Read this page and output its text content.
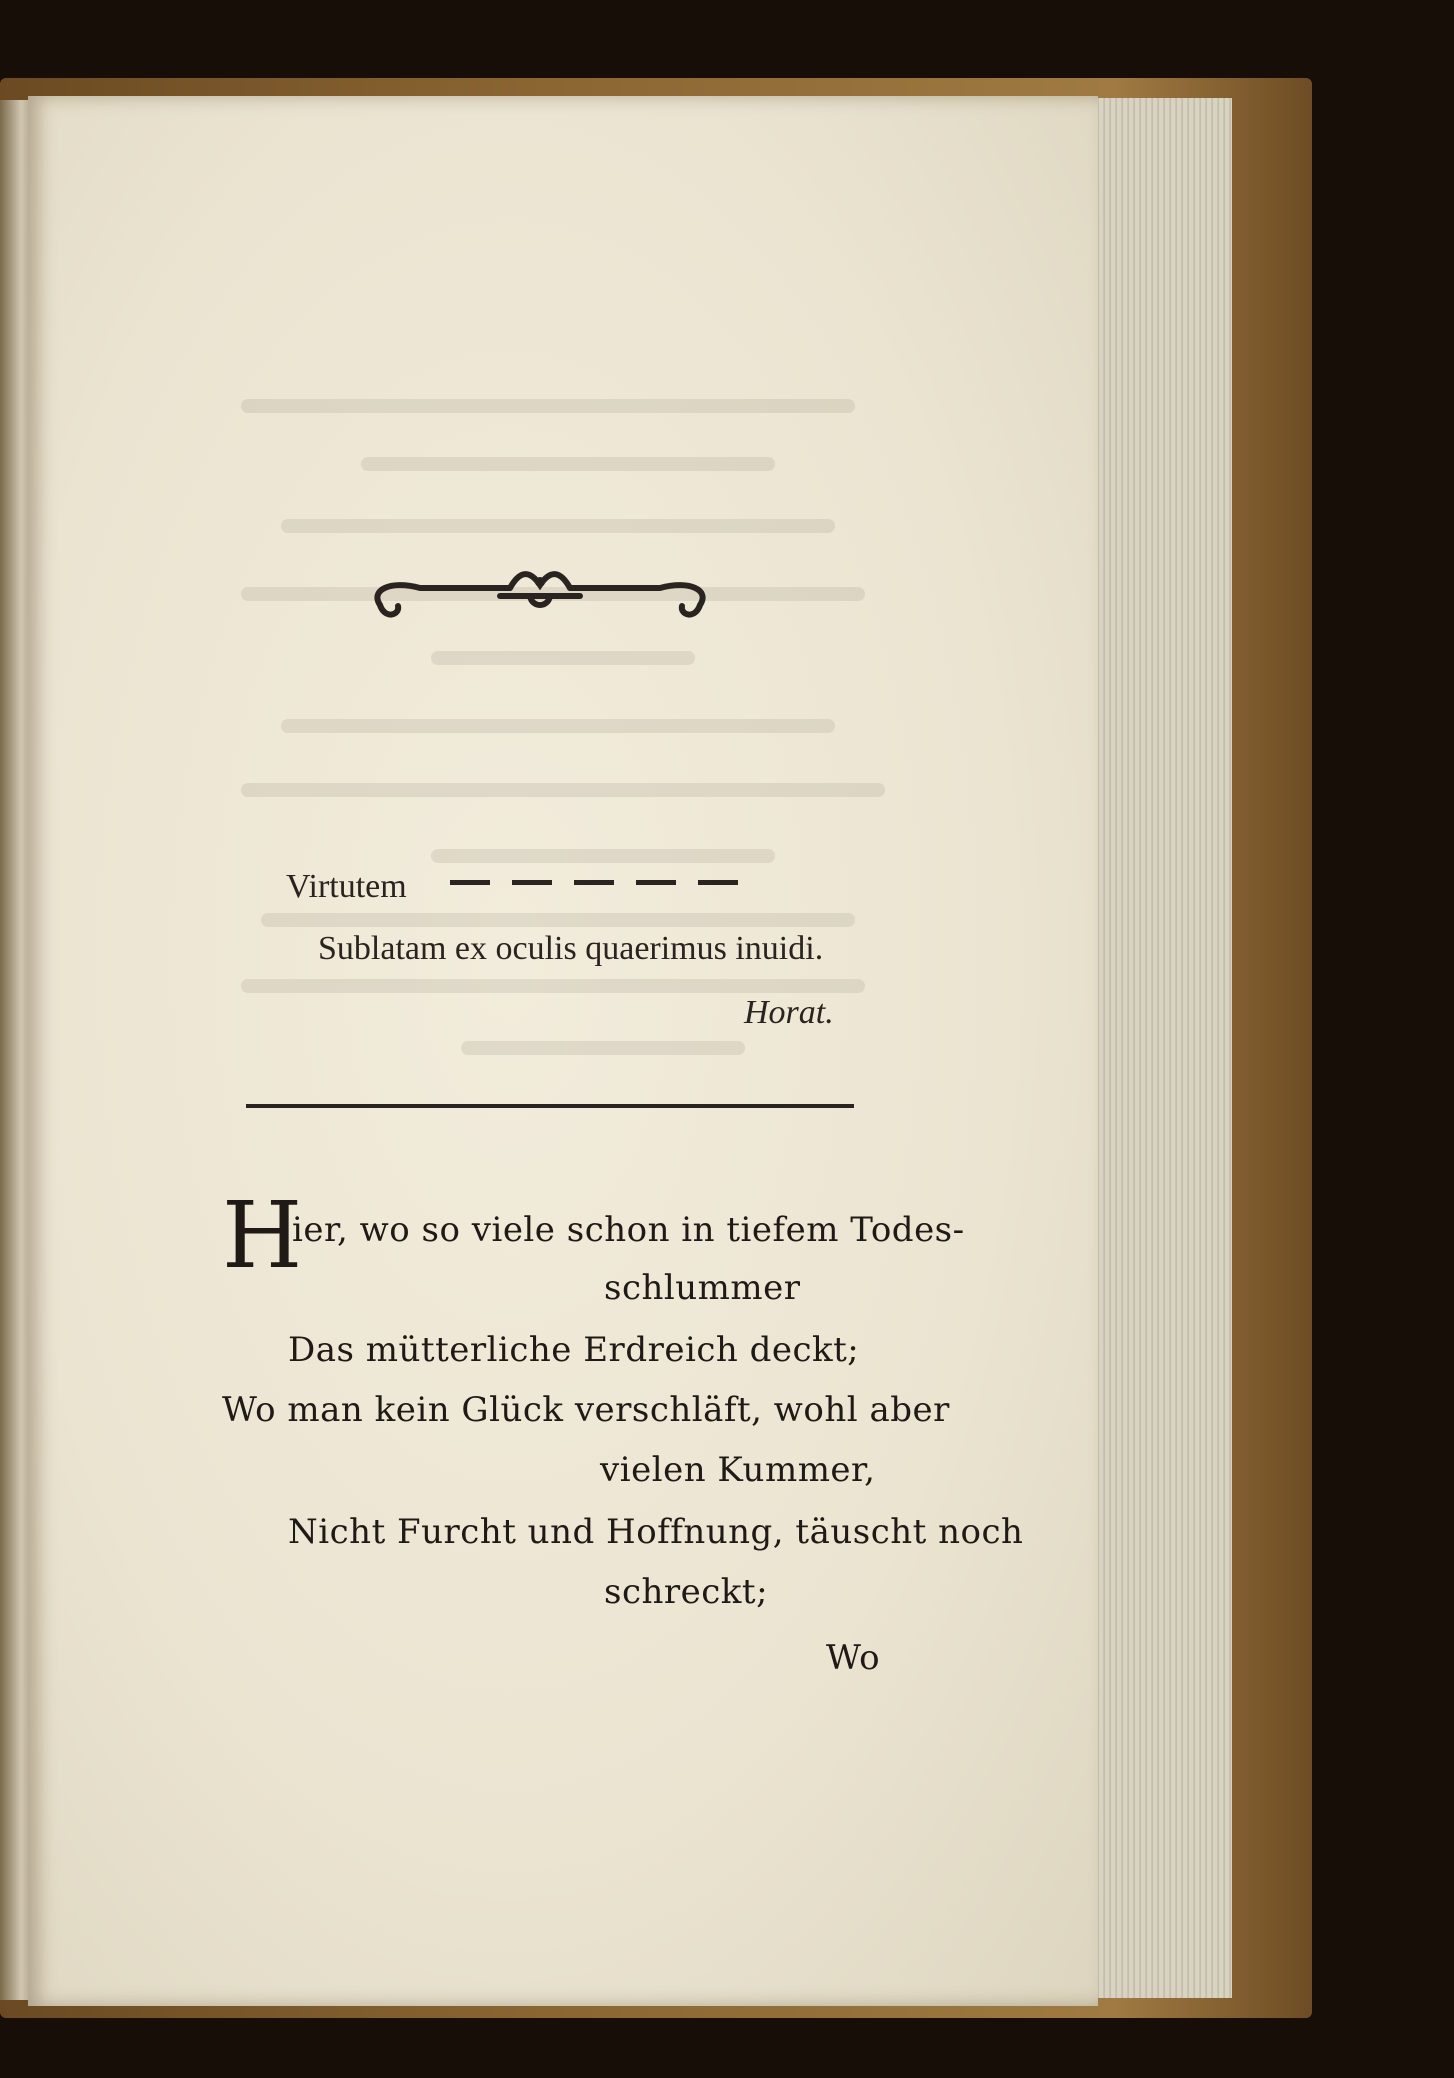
Virtutem
Sublatam ex oculis quaerimus inuidi.
Horat.
H
ier, wo so viele schon in tiefem Todes-
schlummer
Das mütterliche Erdreich deckt;
Wo man kein Glück verschläft, wohl aber
vielen Kummer,
Nicht Furcht und Hoffnung, täuscht noch
schreckt;
Wo
